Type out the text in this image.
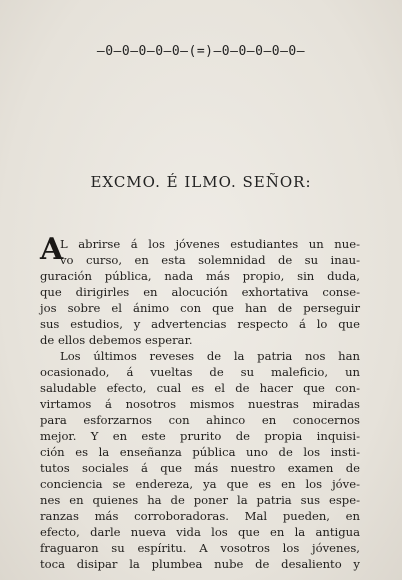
—0—0—0—0—0—(=)—0—0—0—0—0—
EXCMO. É ILMO. SEÑOR:
A
L abrirse á los jóvenes estudiantes un nue-
vo curso, en esta solemnidad de su inau-
guración pública, nada más propio, sin duda,
que dirigirles en alocución exhortativa conse-
jos sobre el ánimo con que han de perseguir
sus estudios, y advertencias respecto á lo que
de ellos debemos esperar.
Los últimos reveses de la patria nos han
ocasionado, á vueltas de su maleficio, un
saludable efecto, cual es el de hacer que con-
virtamos á nosotros mismos nuestras miradas
para esforzarnos con ahinco en conocernos
mejor. Y en este prurito de propia inquisi-
ción es la enseñanza pública uno de los insti-
tutos sociales á que más nuestro examen de
conciencia se endereza, ya que es en los jóve-
nes en quienes ha de poner la patria sus espe-
ranzas más corroboradoras. Mal pueden, en
efecto, darle nueva vida los que en la antigua
fraguaron su espíritu. A vosotros los jóvenes,
toca disipar la plumbea nube de desaliento y
